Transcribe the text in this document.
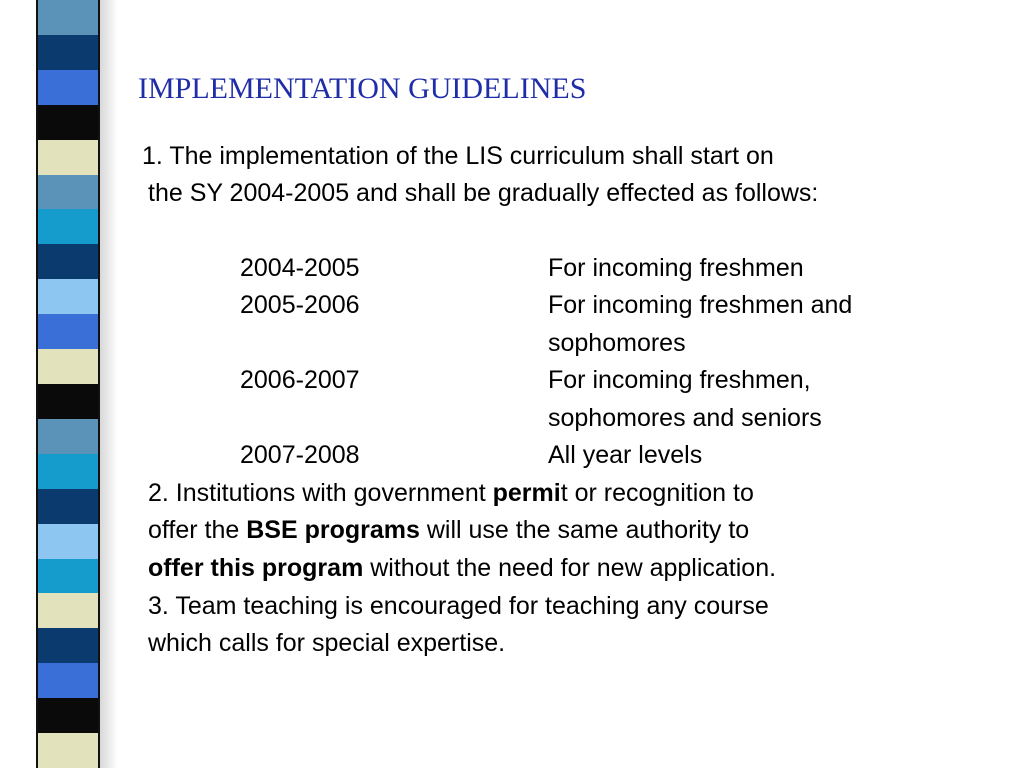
IMPLEMENTATION GUIDELINES
1. The implementation of the LIS curriculum shall start on
the SY 2004-2005 and shall be gradually effected as follows:
2004-2005	For incoming freshmen
2005-2006	For incoming freshmen and
sophomores
2006-2007	For incoming freshmen,
sophomores and seniors
2007-2008	All year levels
2. Institutions with government permit or recognition to
offer the BSE programs will use the same authority to
offer this program without the need for new application.
3. Team teaching is encouraged for teaching any course
which calls for special expertise.
